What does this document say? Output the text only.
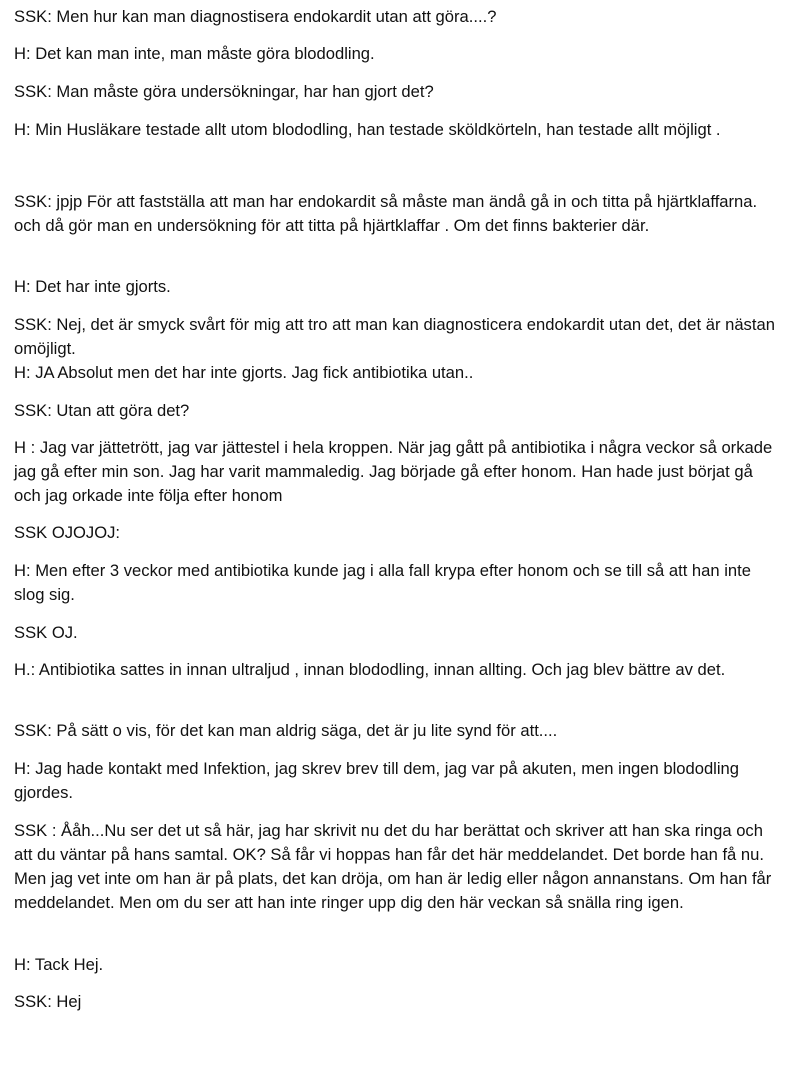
SSK: Men hur kan man diagnostisera endokardit utan att göra....?

H: Det kan man inte, man måste göra blododling.

SSK: Man måste göra undersökningar, har han gjort det?

H: Min Husläkare testade allt utom blododling, han testade sköldkörteln, han testade allt möjligt .

SSK: jpjp För att fastställa att man har endokardit så måste man ändå gå in och titta på hjärtklaffarna. och då gör man en undersökning för att titta på hjärtklaffar . Om det finns bakterier där.

H: Det har inte gjorts.

SSK: Nej, det är smyck svårt för mig att tro att man kan diagnosticera endokardit utan det, det är nästan omöjligt.

H: JA Absolut men det har inte gjorts. Jag fick antibiotika utan..

SSK: Utan att göra det?

H : Jag var jättetrött, jag var jättestel i hela kroppen. När jag gått på antibiotika i några veckor så orkade jag gå efter min son. Jag har varit mammaledig. Jag började gå efter honom. Han hade just börjat gå och jag orkade inte följa efter honom

SSK OJOJOJ:

H: Men efter 3 veckor med antibiotika kunde jag i alla fall krypa efter honom och se till så att han inte slog sig.

SSK OJ.

H.: Antibiotika sattes in innan ultraljud , innan blododling, innan allting. Och jag blev bättre av det.

SSK: På sätt o vis, för det kan man aldrig säga, det är ju lite synd för att....

H: Jag hade kontakt med Infektion, jag skrev brev till dem, jag var på akuten, men ingen blododling gjordes.

SSK : Ååh...Nu ser det ut så här, jag har skrivit nu det du har berättat och skriver att han ska ringa och att du väntar på hans samtal. OK? Så får vi hoppas han får det här meddelandet. Det borde han få nu. Men jag vet inte om han är på plats, det kan dröja, om han är ledig eller någon annanstans. Om han får meddelandet. Men om du ser att han inte ringer upp dig den här veckan så snälla ring igen.

H: Tack Hej.

SSK: Hej
